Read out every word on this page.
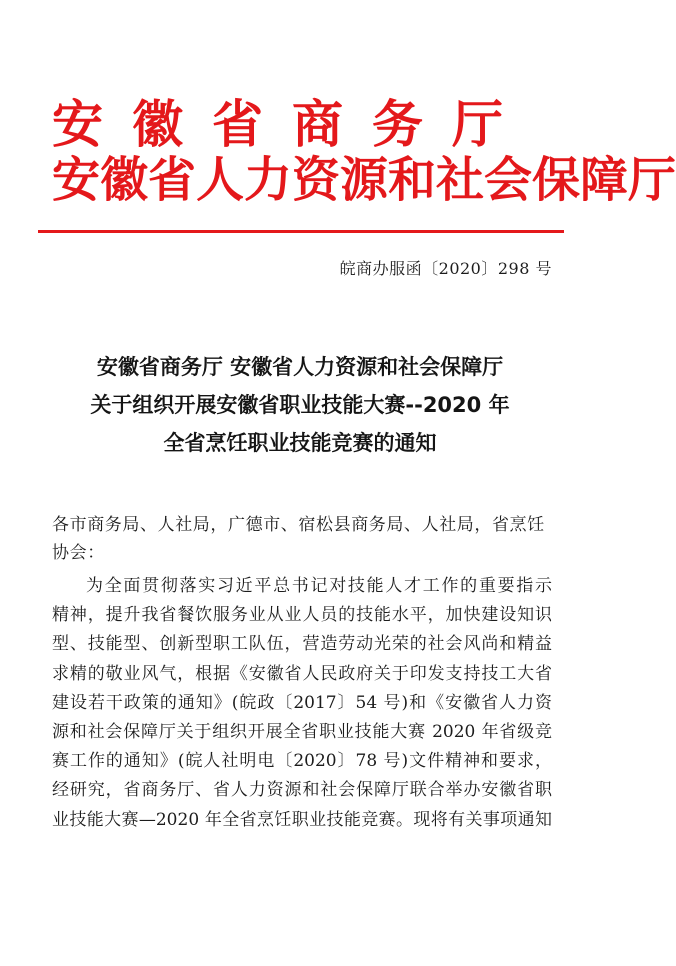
安徽省商务厅
安徽省人力资源和社会保障厅
皖商办服函〔2020〕298 号
安徽省商务厅 安徽省人力资源和社会保障厅
关于组织开展安徽省职业技能大赛--2020 年
全省烹饪职业技能竞赛的通知
各市商务局、人社局，广德市、宿松县商务局、人社局，省烹饪协会：
为全面贯彻落实习近平总书记对技能人才工作的重要指示
精神，提升我省餐饮服务业从业人员的技能水平，加快建设知识
型、技能型、创新型职工队伍，营造劳动光荣的社会风尚和精益
求精的敬业风气，根据《安徽省人民政府关于印发支持技工大省
建设若干政策的通知》(皖政〔2017〕54 号)和《安徽省人力资
源和社会保障厅关于组织开展全省职业技能大赛 2020 年省级竞
赛工作的通知》(皖人社明电〔2020〕78 号)文件精神和要求，
经研究，省商务厅、省人力资源和社会保障厅联合举办安徽省职
业技能大赛—2020 年全省烹饪职业技能竞赛。现将有关事项通知
